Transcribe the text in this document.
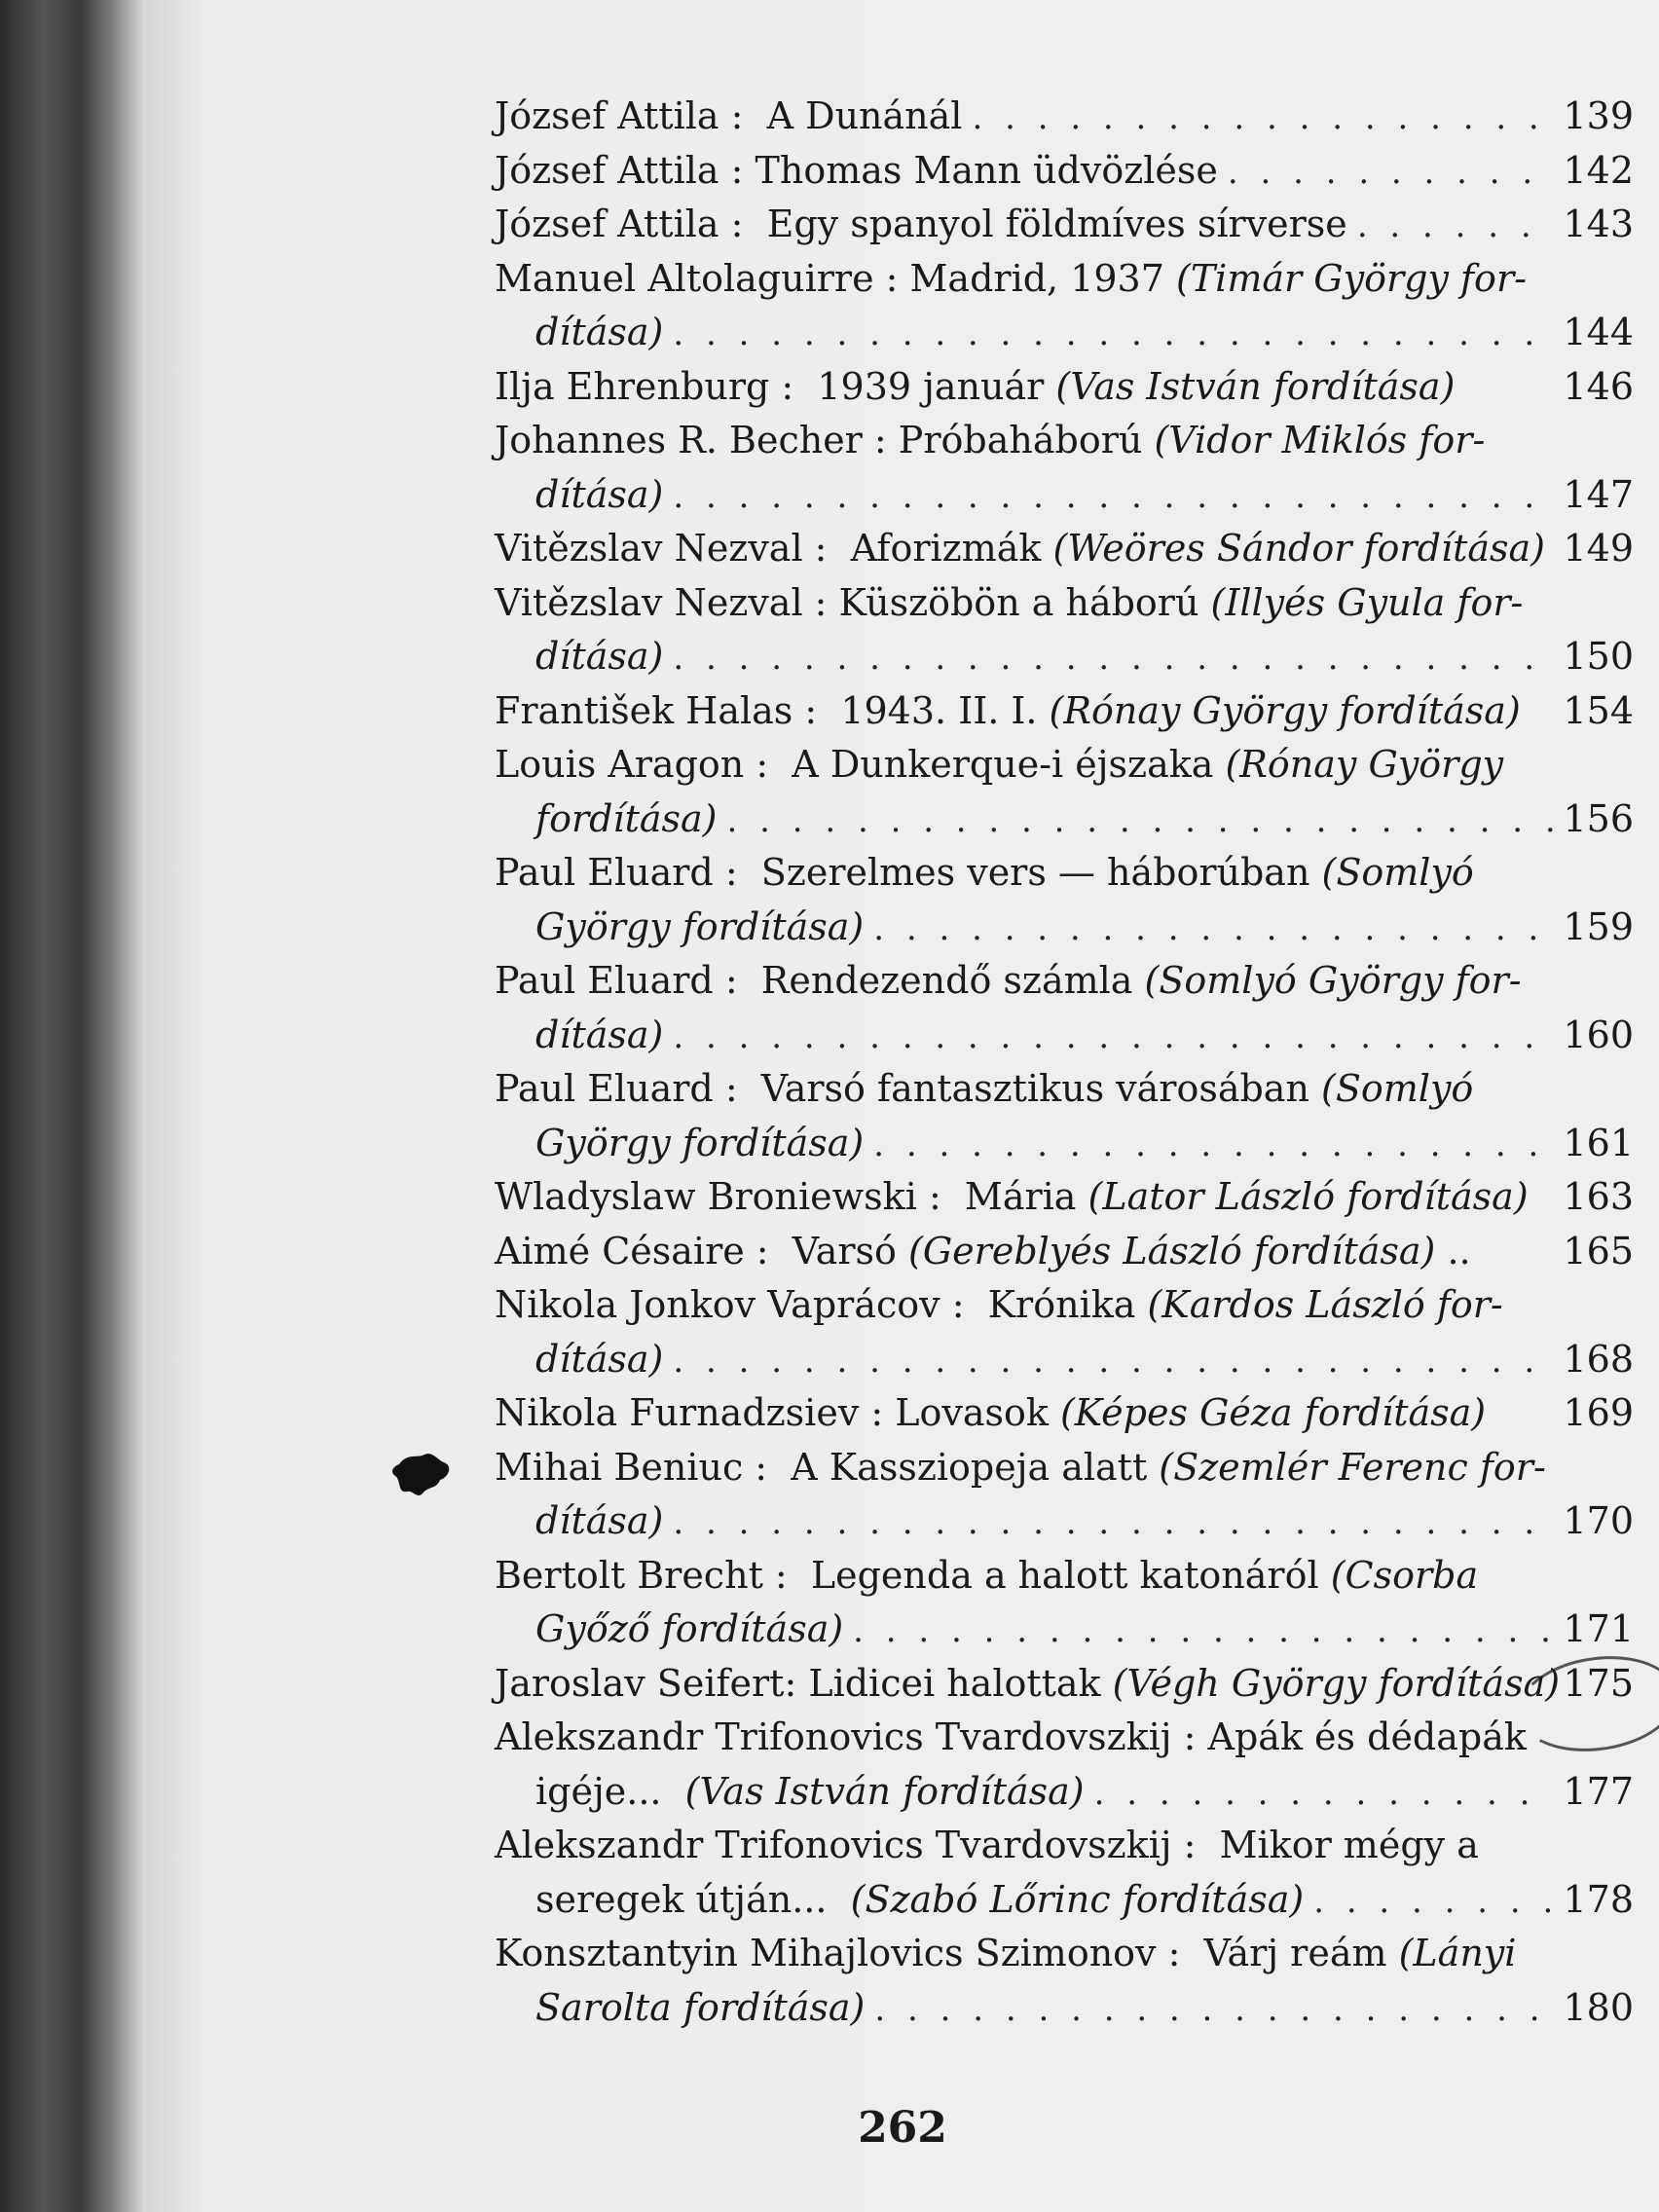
József Attila :  A Dunánál . . .	139
József Attila : Thomas Mann üdvözlése . . .	142
József Attila :  Egy spanyol földmíves sírverse . . .	143
Manuel Altolaguirre : Madrid, 1937 (Timár György for-
dítása) . . .	144
Ilja Ehrenburg :  1939 január (Vas István fordítása)	146
Johannes R. Becher : Próbaháború (Vidor Miklós for-
dítása) . . .	147
Vitězslav Nezval :  Aforizmák (Weöres Sándor fordítása) 149
Vitězslav Nezval : Küszöbön a háború (Illyés Gyula for-
dítása) . . .	150
František Halas :  1943. II. I. (Rónay György fordítása) 154
Louis Aragon :  A Dunkerque-i éjszaka (Rónay György
fordítása) . . .	156
Paul Eluard :  Szerelmes vers — háborúban (Somlyó
György fordítása) . . .	159
Paul Eluard :  Rendezendő számla (Somlyó György for-
dítása) . . .	160
Paul Eluard :  Varsó fantasztikus városában (Somlyó
György fordítása) . . .	161
Wladyslaw Broniewski :  Mária (Lator László fordítása) 163
Aimé Césaire :  Varsó (Gereblyés László fordítása) .. 165
Nikola Jonkov Vaprácov :  Krónika (Kardos László for-
dítása) . . .	168
Nikola Furnadzsiev : Lovasok (Képes Géza fordítása) 169
Mihai Beniuc :  A Kassziopeja alatt (Szemlér Ferenc for-
dítása) . . .	170
Bertolt Brecht :  Legenda a halott katonáról (Csorba
Győző fordítása) . . .	171
Jaroslav Seifert: Lidicei halottak (Végh György fordítása) 175
Alekszandr Trifonovics Tvardovszkij : Apák és dédapák
igéje... (Vas István fordítása) . . .	177
Alekszandr Trifonovics Tvardovszkij :  Mikor mégy a
seregek útján... (Szabó Lőrinc fordítása) . . .	178
Konsztantyin Mihajlovics Szimonov :  Várj reám (Lányi
Sarolta fordítása) . . .	180
262
